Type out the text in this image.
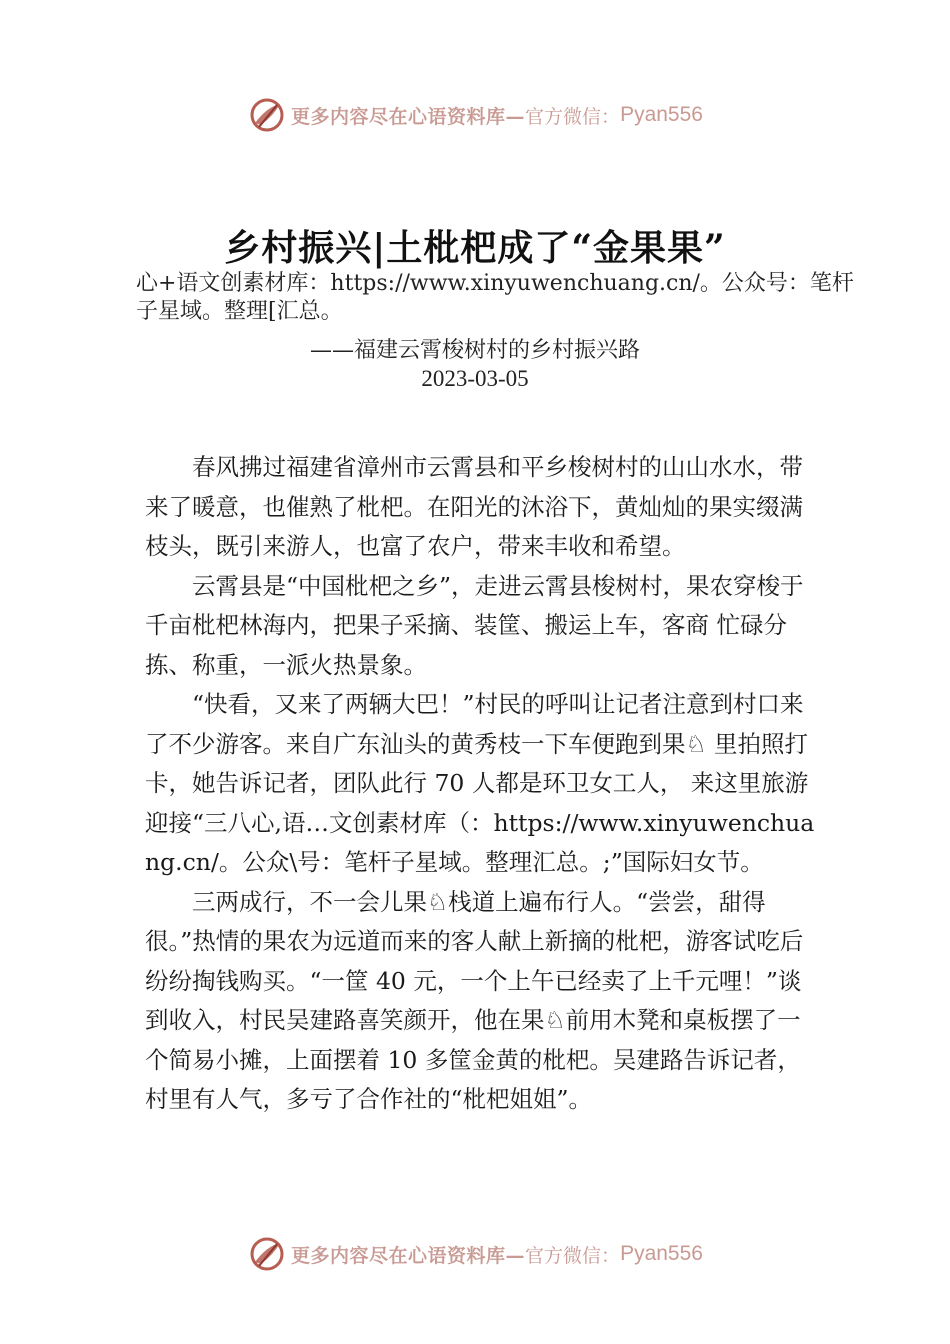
更多内容尽在心语资料库— 官方微信： Pyan556
乡村振兴|土枇杷成了“金果果”
心+语文创素材库：https://www.xinyuwenchuang.cn/。公众号：笔杆子星域。整理[汇总。
——福建云霄梭树村的乡村振兴路
2023-03-05

春风拂过福建省漳州市云霄县和平乡梭树村的山山水水，带来了暖意，也催熟了枇杷。在阳光的沐浴下，黄灿灿的果实缀满枝头，既引来游人，也富了农户，带来丰收和希望。

云霄县是“中国枇杷之乡”，走进云霄县梭树村，果农穿梭于千亩枇杷林海内，把果子采摘、装筐、搬运上车，客商 忙碌分拣、称重，一派火热景象。

“快看，又来了两辆大巴！”村民的呼叫让记者注意到村口来了不少游客。来自广东汕头的黄秀枝一下车便跑到果♘ 里拍照打卡，她告诉记者，团队此行 70 人都是环卫女工人， 来这里旅游迎接“三八心,语…文创素材库（：https://www.xinyuwenchuang.cn/。公众\号：笔杆子星域。整理汇总。;”国际妇女节。

三两成行，不一会儿果♘栈道上遍布行人。“尝尝，甜得很。”热情的果农为远道而来的客人献上新摘的枇杷，游客试吃后纷纷掏钱购买。“一筐 40 元，一个上午已经卖了上千元哩！”谈到收入，村民吴建路喜笑颜开，他在果♘前用木凳和桌板摆了一个简易小摊，上面摆着 10 多筐金黄的枇杷。吴建路告诉记者，村里有人气，多亏了合作社的“枇杷姐姐”。

更多内容尽在心语资料库— 官方微信： Pyan556
